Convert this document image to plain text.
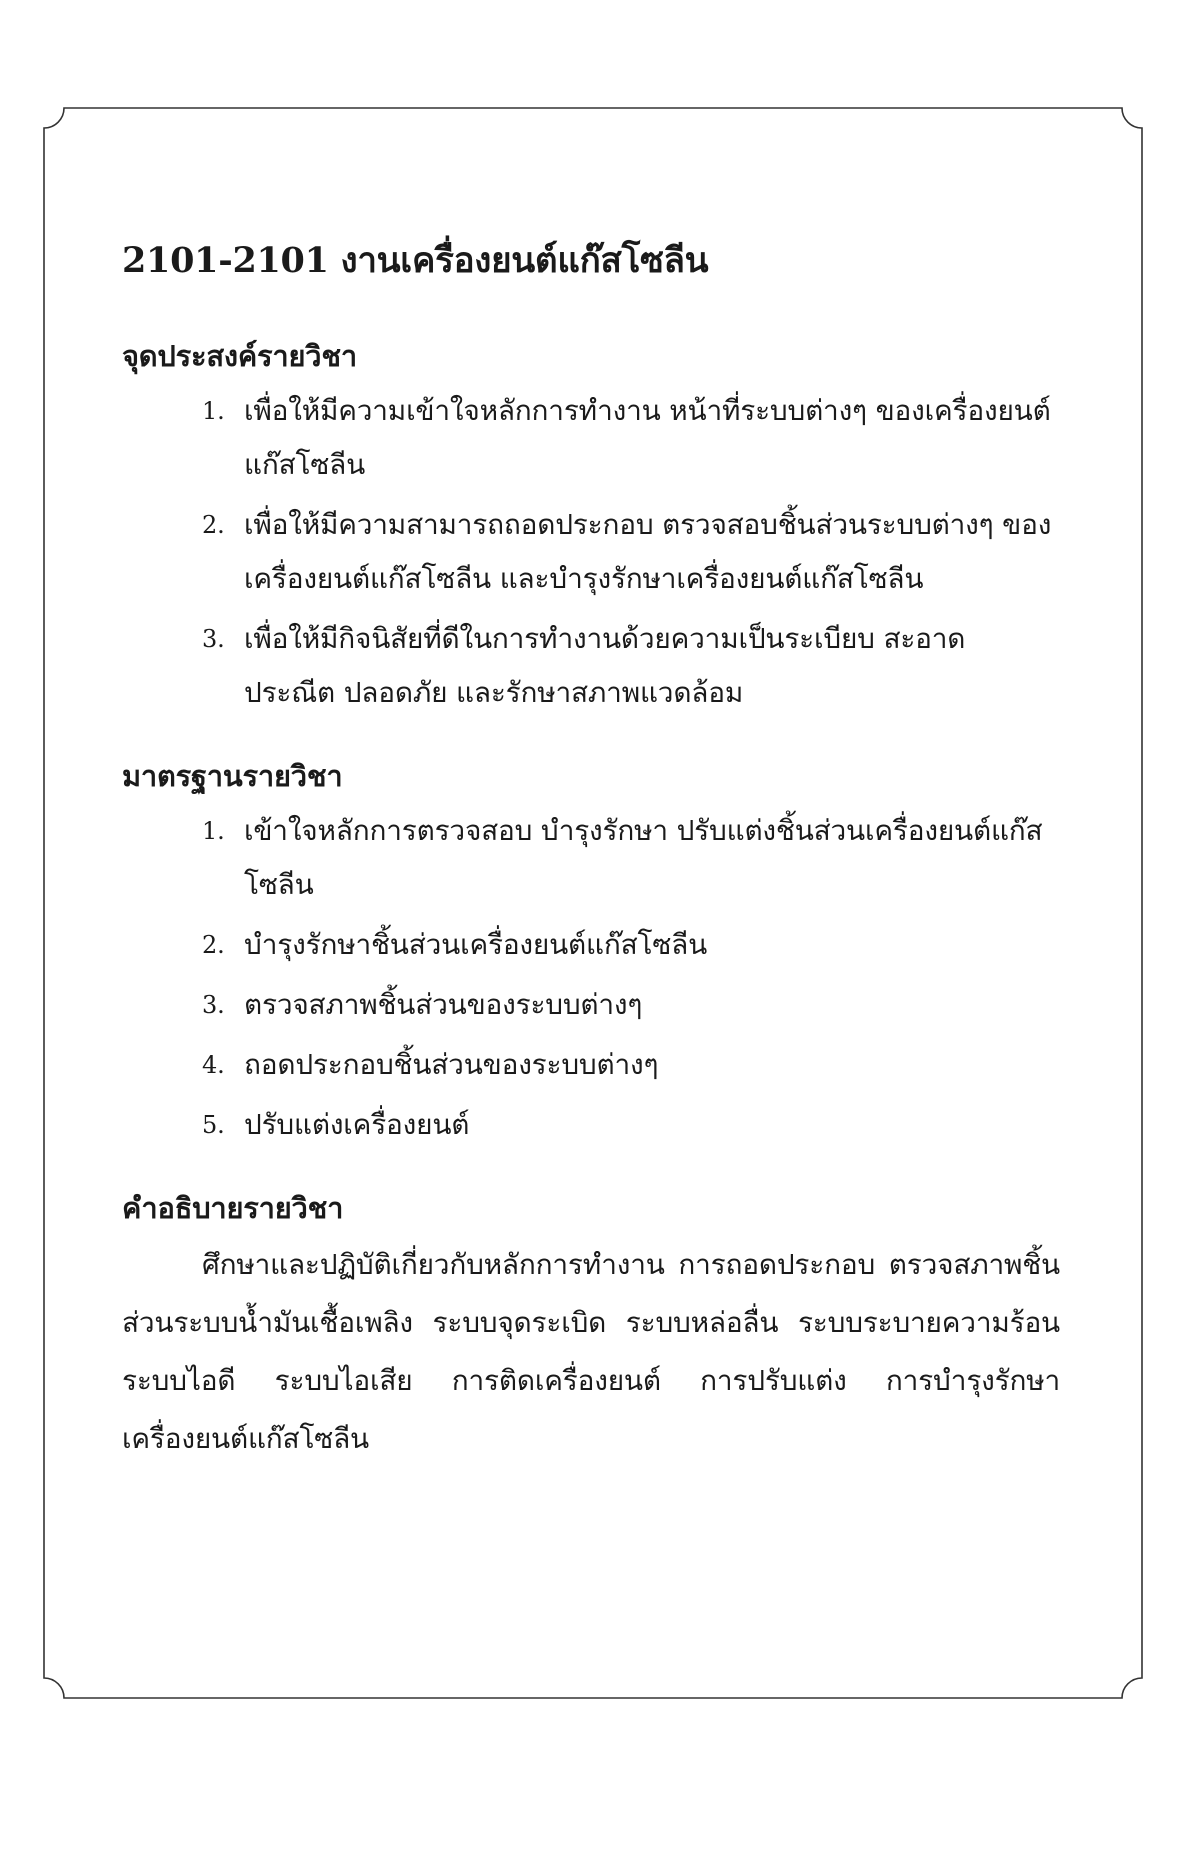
2101-2101 งานเครื่องยนต์แก๊สโซลีน
จุดประสงค์รายวิชา
1. เพื่อให้มีความเข้าใจหลักการทำงาน หน้าที่ระบบต่างๆ ของเครื่องยนต์แก๊สโซลีน
2. เพื่อให้มีความสามารถถอดประกอบ ตรวจสอบชิ้นส่วนระบบต่างๆ ของเครื่องยนต์แก๊สโซลีน และบำรุงรักษาเครื่องยนต์แก๊สโซลีน
3. เพื่อให้มีกิจนิสัยที่ดีในการทำงานด้วยความเป็นระเบียบ สะอาด ประณีต ปลอดภัย และรักษาสภาพแวดล้อม
มาตรฐานรายวิชา
1. เข้าใจหลักการตรวจสอบ บำรุงรักษา ปรับแต่งชิ้นส่วนเครื่องยนต์แก๊สโซลีน
2. บำรุงรักษาชิ้นส่วนเครื่องยนต์แก๊สโซลีน
3. ตรวจสภาพชิ้นส่วนของระบบต่างๆ
4. ถอดประกอบชิ้นส่วนของระบบต่างๆ
5. ปรับแต่งเครื่องยนต์
คำอธิบายรายวิชา

ศึกษาและปฏิบัติเกี่ยวกับหลักการทำงาน การถอดประกอบ ตรวจสภาพชิ้นส่วนระบบน้ำมันเชื้อเพลิง ระบบจุดระเบิด ระบบหล่อลื่น ระบบระบายความร้อน ระบบไอดี ระบบไอเสีย การติดเครื่องยนต์ การปรับแต่ง การบำรุงรักษาเครื่องยนต์แก๊สโซลีน
